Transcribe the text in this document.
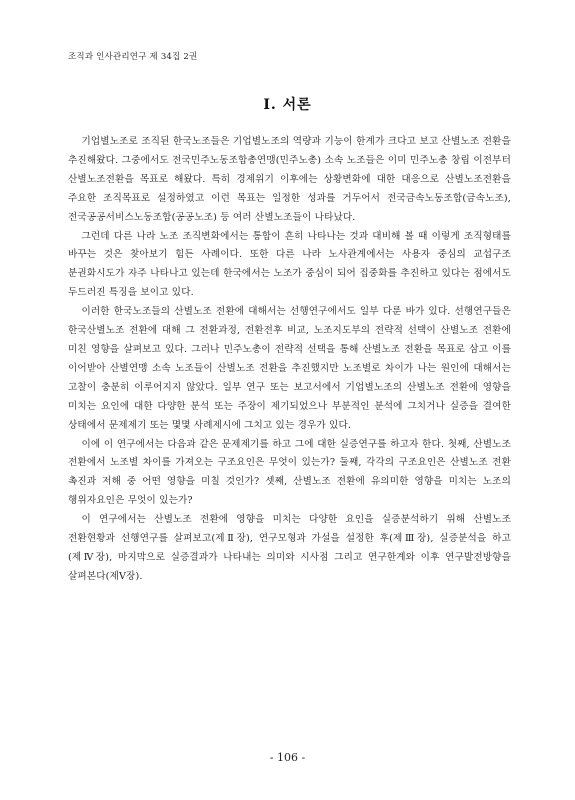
조직과 인사관리연구 제 34집 2권
I. 서론

기업별노조로 조직된 한국노조들은 기업별노조의 역량과 기능이 한계가 크다고 보고 산별노조 전환을 추진해왔다. 그중에서도 전국민주노동조합총연맹(민주노총) 소속 노조들은 이미 민주노총 창립 이전부터 산별노조전환을 목표로 해왔다. 특히 경제위기 이후에는 상황변화에 대한 대응으로 산별노조전환을 주요한 조직목표로 설정하였고 이런 목표는 일정한 성과를 거두어서 전국금속노동조합(금속노조), 전국공공서비스노동조합(공공노조) 등 여러 산별노조들이 나타났다.

그런데 다른 나라 노조 조직변화에서는 통합이 흔히 나타나는 것과 대비해 볼 때 이렇게 조직형태를 바꾸는 것은 찾아보기 힘든 사례이다. 또한 다른 나라 노사관계에서는 사용자 중심의 교섭구조 분권화시도가 자주 나타나고 있는데 한국에서는 노조가 중심이 되어 집중화를 추진하고 있다는 점에서도 두드러진 특징을 보이고 있다.

이러한 한국노조들의 산별노조 전환에 대해서는 선행연구에서도 일부 다룬 바가 있다. 선행연구들은 한국산별노조 전환에 대해 그 전환과정, 전환전후 비교, 노조지도부의 전략적 선택이 산별노조 전환에 미친 영향을 살펴보고 있다. 그러나 민주노총이 전략적 선택을 통해 산별노조 전환을 목표로 삼고 이를 이어받아 산별연맹 소속 노조들이 산별노조 전환을 추진했지만 노조별로 차이가 나는 원인에 대해서는 고찰이 충분히 이루어지지 않았다. 일부 연구 또는 보고서에서 기업별노조의 산별노조 전환에 영향을 미치는 요인에 대한 다양한 분석 또는 주장이 제기되었으나 부분적인 분석에 그치거나 실증을 결여한 상태에서 문제제기 또는 몇몇 사례제시에 그치고 있는 경우가 있다.

이에 이 연구에서는 다음과 같은 문제제기를 하고 그에 대한 실증연구를 하고자 한다. 첫째, 산별노조 전환에서 노조별 차이를 가져오는 구조요인은 무엇이 있는가? 둘째, 각각의 구조요인은 산별노조 전환 촉진과 저해 중 어떤 영향을 미칠 것인가? 셋째, 산별노조 전환에 유의미한 영향을 미치는 노조의 행위자요인은 무엇이 있는가?

이 연구에서는 산별노조 전환에 영향을 미치는 다양한 요인을 실증분석하기 위해 산별노조 전환현황과 선행연구를 살펴보고(제Ⅱ장), 연구모형과 가설을 설정한 후(제Ⅲ장), 실증분석을 하고(제Ⅳ장), 마지막으로 실증결과가 나타내는 의미와 시사점 그리고 연구한계와 이후 연구발전방향을 살펴본다(제Ⅴ장).

- 106 -
